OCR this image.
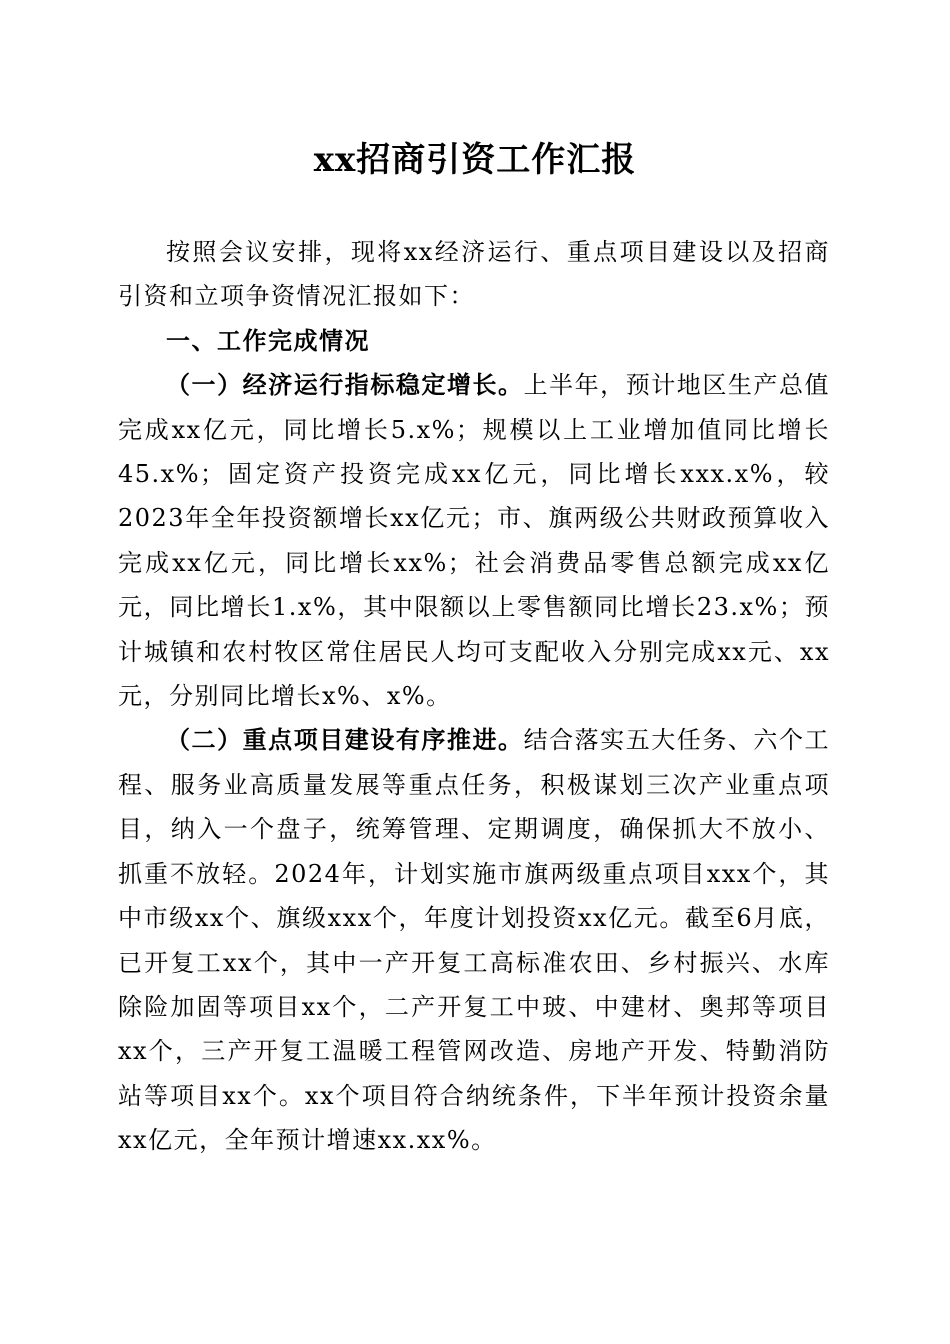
xx招商引资工作汇报

按照会议安排，现将xx经济运行、重点项目建设以及招商引资和立项争资情况汇报如下：

一、工作完成情况

（一）经济运行指标稳定增长。上半年，预计地区生产总值完成xx亿元，同比增长5.x%；规模以上工业增加值同比增长45.x%；固定资产投资完成xx亿元，同比增长xxx.x%，较2023年全年投资额增长xx亿元；市、旗两级公共财政预算收入完成xx亿元，同比增长xx%；社会消费品零售总额完成xx亿元，同比增长1.x%，其中限额以上零售额同比增长23.x%；预计城镇和农村牧区常住居民人均可支配收入分别完成xx元、xx元，分别同比增长x%、x%。

（二）重点项目建设有序推进。结合落实五大任务、六个工程、服务业高质量发展等重点任务，积极谋划三次产业重点项目，纳入一个盘子，统筹管理、定期调度，确保抓大不放小、抓重不放轻。2024年，计划实施市旗两级重点项目xxx个，其中市级xx个、旗级xxx个，年度计划投资xx亿元。截至6月底，已开复工xx个，其中一产开复工高标准农田、乡村振兴、水库除险加固等项目xx个，二产开复工中玻、中建材、奥邦等项目xx个，三产开复工温暖工程管网改造、房地产开发、特勤消防站等项目xx个。xx个项目符合纳统条件，下半年预计投资余量xx亿元，全年预计增速xx.xx%。
